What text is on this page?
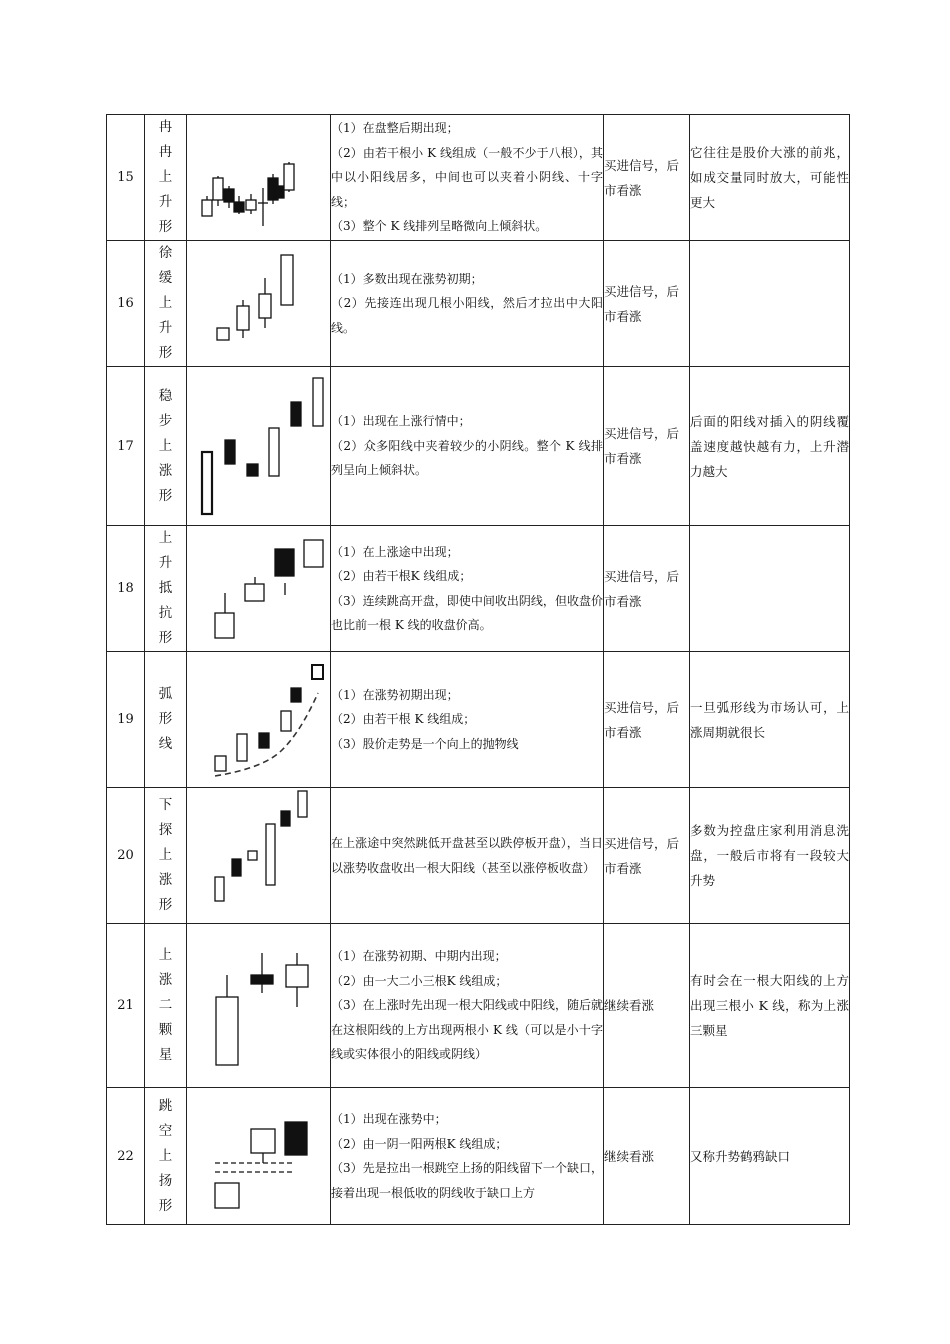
15	冉
冉
上
升
形		（1）在盘整后期出现；
（2）由若干根小 K 线组成（一般不少于八根），其中以小阳线居多，中间也可以夹着小阴线、十字线；
（3）整个 K 线排列呈略微向上倾斜状。	买进信号，后市看涨	它往往是股价大涨的前兆，如成交量同时放大，可能性更大
16	徐
缓
上
升
形		（1）多数出现在涨势初期；
（2）先接连出现几根小阳线，然后才拉出中大阳线。	买进信号，后市看涨	
17	稳
步
上
涨
形		（1）出现在上涨行情中；
（2）众多阳线中夹着较少的小阴线。整个 K 线排列呈向上倾斜状。	买进信号，后市看涨	后面的阳线对插入的阴线覆盖速度越快越有力，上升潜力越大
18	上
升
抵
抗
形		（1）在上涨途中出现；
（2）由若干根K 线组成；
（3）连续跳高开盘，即使中间收出阴线，但收盘价也比前一根 K 线的收盘价高。	买进信号，后市看涨	
19	弧
形
线		（1）在涨势初期出现；
（2）由若干根 K 线组成；
（3）股价走势是一个向上的抛物线	买进信号，后市看涨	一旦弧形线为市场认可，上涨周期就很长
20	下
探
上
涨
形		在上涨途中突然跳低开盘甚至以跌停板开盘），当日以涨势收盘收出一根大阳线（甚至以涨停板收盘）	买进信号，后市看涨	多数为控盘庄家利用消息洗盘，一般后市将有一段较大升势
21	上
涨
二
颗
星		（1）在涨势初期、中期内出现；
（2）由一大二小三根K 线组成；
（3）在上涨时先出现一根大阳线或中阳线，随后就在这根阳线的上方出现两根小 K 线（可以是小十字线或实体很小的阳线或阴线）	继续看涨	有时会在一根大阳线的上方出现三根小 K 线，称为上涨三颗星
22	跳
空
上
扬
形		（1）出现在涨势中；
（2）由一阴一阳两根K 线组成；
（3）先是拉出一根跳空上扬的阳线留下一个缺口，接着出现一根低收的阴线收于缺口上方	继续看涨	又称升势鹤鸦缺口
